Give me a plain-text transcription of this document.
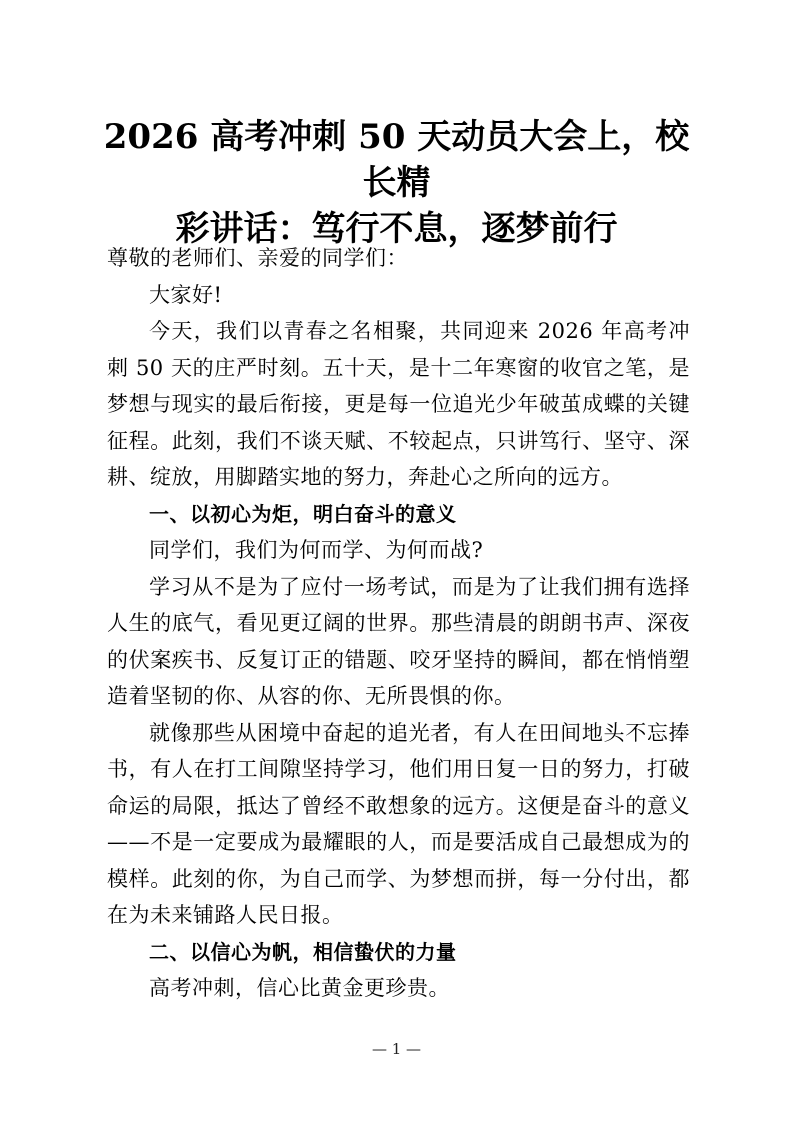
2026 高考冲刺 50 天动员大会上，校长精
彩讲话：笃行不息，逐梦前行

尊敬的老师们、亲爱的同学们：

大家好!

今天，我们以青春之名相聚，共同迎来 2026 年高考冲刺 50 天的庄严时刻。五十天，是十二年寒窗的收官之笔，是梦想与现实的最后衔接，更是每一位追光少年破茧成蝶的关键征程。此刻，我们不谈天赋、不较起点，只讲笃行、坚守、深耕、绽放，用脚踏实地的努力，奔赴心之所向的远方。

一、以初心为炬，明白奋斗的意义

同学们，我们为何而学、为何而战?

学习从不是为了应付一场考试，而是为了让我们拥有选择人生的底气，看见更辽阔的世界。那些清晨的朗朗书声、深夜的伏案疾书、反复订正的错题、咬牙坚持的瞬间，都在悄悄塑造着坚韧的你、从容的你、无所畏惧的你。

就像那些从困境中奋起的追光者，有人在田间地头不忘捧书，有人在打工间隙坚持学习，他们用日复一日的努力，打破命运的局限，抵达了曾经不敢想象的远方。这便是奋斗的意义——不是一定要成为最耀眼的人，而是要活成自己最想成为的模样。此刻的你，为自己而学、为梦想而拼，每一分付出，都在为未来铺路人民日报。

二、以信心为帆，相信蛰伏的力量

高考冲刺，信心比黄金更珍贵。

— 1 —
